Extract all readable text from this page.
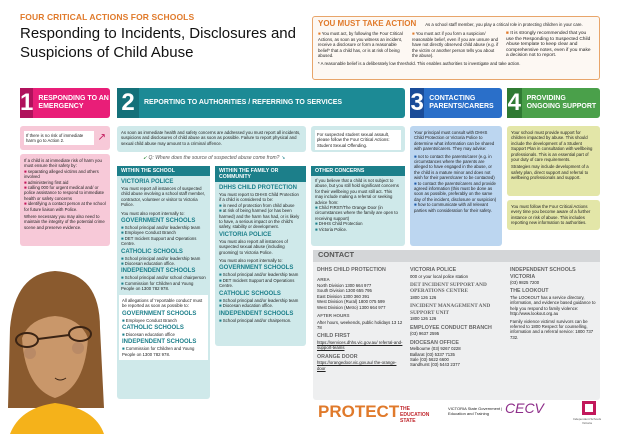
FOUR CRITICAL ACTIONS FOR SCHOOLS
Responding to Incidents, Disclosures and Suspicions of Child Abuse
YOU MUST TAKE ACTION As a school staff member, you play a critical role in protecting children in your care.
■ You must act, by following the Four Critical Actions, as soon as you witness an incident, receive a disclosure or form a reasonable belief* that a child has, or is at risk of being abused.
■ You must act if you form a suspicion/ reasonable belief, even if you are unsure and have not directly observed child abuse (e.g. if the victim or another person tells you about the abuse).
■ It is strongly recommended that you use the Responding to Suspected Child Abuse template to keep clear and comprehensive notes, even if you make a decision not to report.
* A reasonable belief is a deliberately low threshold. This enables authorities to investigate and take action.
1 RESPONDING TO AN EMERGENCY	2	REPORTING TO AUTHORITIES / REFERRING TO SERVICES	3 CONTACTING PARENTS/CARERS 4 PROVIDING ONGOING SUPPORT
If there is no risk of immediate harm go to Action 2.	↗
If a child is at immediate risk of harm you must ensure their safety by:
■ separating alleged victims and others involved
■ administering first aid
■ calling 000 for urgent medical and/ or police assistance to respond to immediate health or safety concerns
■ identifying a contact person at the school for future liaison with Police.
Where necessary you may also need to maintain the integrity of the potential crime scene and preserve evidence.
As soon as immediate health and safety concerns are addressed you must report all incidents, suspicions and disclosures of child abuse as soon as possible. Failure to report physical and sexual child abuse may amount to a criminal offence.
For suspected student sexual assault, please follow the Four Critical Actions: Student Sexual Offending.
↙ Q: Where does the source of suspected abuse come from? ↘
WITHIN THE SCHOOL
VICTORIA POLICE
You must report all instances of suspected child abuse involving a school staff member, contractor, volunteer or visitor to Victoria Police.
You must also report internally to:
GOVERNMENT SCHOOLS
■ School principal and/or leadership team
■ Employee Conduct Branch
■ DET Incident Support and Operations Centre.
CATHOLIC SCHOOLS
■ School principal and/or leadership team
■ Diocesan education office.
INDEPENDENT SCHOOLS
■ School principal and/or school chairperson
■ Commission for Children and Young People on 1300 782 978.
All allegations of 'reportable conduct' must be reported as soon as possible to:
GOVERNMENT SCHOOLS
■ Employee Conduct Branch
CATHOLIC SCHOOLS
■ Diocesan education office
INDEPENDENT SCHOOLS
■ Commission for Children and Young People on 1300 782 978.
WITHIN THE FAMILY OR COMMUNITY
DHHS CHILD PROTECTION
You must report to DHHS Child Protection if a child is considered to be:
■ in need of protection from child abuse
■ at risk of being harmed (or has been harmed) and the harm has had, or is likely to have, a serious impact on the child's safety, stability or development.
VICTORIA POLICE
You must also report all instances of suspected sexual abuse (including grooming) to Victoria Police.
You must also report internally to:
GOVERNMENT SCHOOLS
■ School principal and/or leadership team
■ DET Incident Support and Operations Centre.
CATHOLIC SCHOOLS
■ School principal and/or leadership team
■ Diocesan education office.
INDEPENDENT SCHOOLS
■ School principal and/or chairperson.
OTHER CONCERNS
If you believe that a child is not subject to abuse, but you still hold significant concerns for their wellbeing you must still act. This may include making a referral or seeking advice from:
■ Child FIRST/The Orange Door (in circumstances where the family are open to receiving support)
■ DHHS Child Protection
■ Victoria Police.
Your principal must consult with DHHS Child Protection or Victoria Police to determine what information can be shared with parents/carers. They may advise:
■ not to contact the parents/carer (e.g. in circumstances where the parents are alleged to have engaged in the abuse, or the child is a mature minor and does not wish for their parent/carer to be contacted)
■ to contact the parents/carers and provide agreed information (this must be done as soon as possible, preferably on the same day of the incident, disclosure or suspicion)
■ how to communicate with all relevant parties with consideration for their safety.
Your school must provide support for children impacted by abuse. This should include the development of a Student Support Plan in consultation with wellbeing professionals. This is an essential part of your duty of care requirements.
Strategies may include development of a safety plan, direct support and referral to wellbeing professionals and support.
You must follow the Four Critical Actions every time you become aware of a further instance or risk of abuse. This includes reporting new information to authorities.
CONTACT
DHHS CHILD PROTECTION
AREA
North Division 1300 664 977
South Division 1300 655 795
East Division 1300 360 391
West Division (Rural) 1800 075 599
West Division (Metro) 1300 664 977
AFTER HOURS
After hours, weekends, public holidays 13 12 78
CHILD FIRST
https://services.dhhs.vic.gov.au/ referral-and-support-teams
ORANGE DOOR
https://orangedoor.vic.gov.au/ the-orange-door
VICTORIA POLICE
000 or your local police station
DET INCIDENT SUPPORT AND OPERATIONS CENTRE
1800 126 126
INCIDENT MANAGEMENT AND SUPPORT UNIT
1800 126 126
EMPLOYEE CONDUCT BRANCH
(03) 9637 2595
DIOCESAN OFFICE
Melbourne (03) 9267 0228
Ballarat (03) 5337 7135
Sale (03) 5622 6600
Sandhurst (03) 5443 2377
INDEPENDENT SCHOOLS VICTORIA
(03) 9825 7200
THE LOOKOUT
The LOOKOUT has a service directory, information, and evidence based guidance to help you respond to family violence: http://www.lookout.org.au
Family violence victims/ survivors can be referred to 1800 Respect for counselling, information and a referral service: 1800 737 732.
PROTECT THE EDUCATION STATE
VICTORIA State Government | Education and Training	CECV
Independent Schools Victoria
